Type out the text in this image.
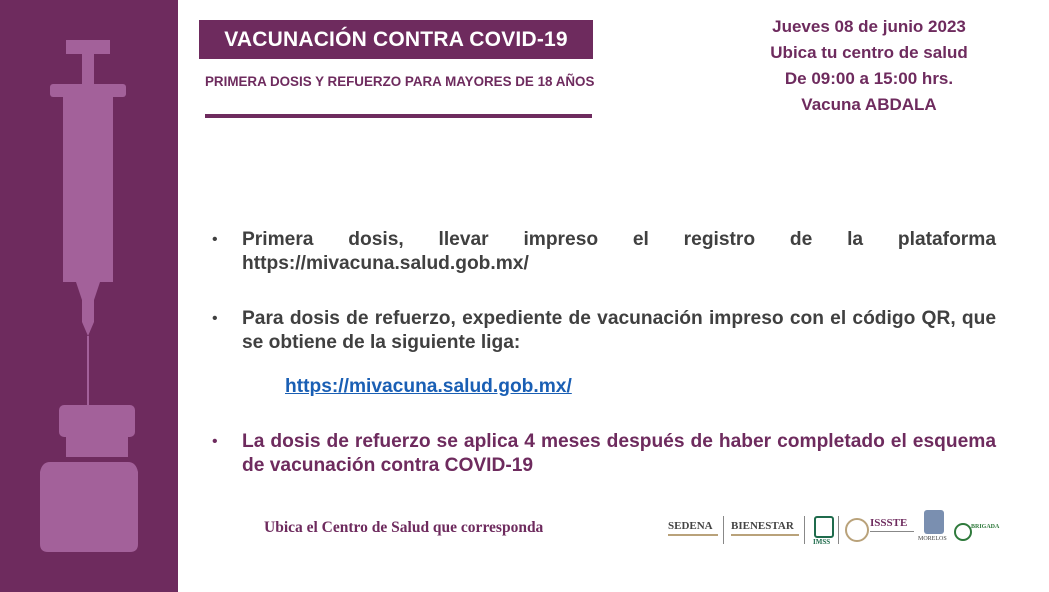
VACUNACIÓN CONTRA COVID-19
PRIMERA DOSIS Y REFUERZO PARA MAYORES DE 18 AÑOS
Jueves 08 de junio 2023
Ubica tu centro de salud
De 09:00 a 15:00 hrs.
Vacuna ABDALA
• Primera dosis, llevar impreso el registro de la plataforma https://mivacuna.salud.gob.mx/
• Para dosis de refuerzo, expediente de vacunación impreso con el código QR, que se obtiene de la siguiente liga:
https://mivacuna.salud.gob.mx/
• La dosis de refuerzo se aplica 4 meses después de haber completado el esquema de vacunación contra COVID-19
Ubica el Centro de Salud que corresponda	SEDENA BIENESTAR
IMSS
ISSSTE
MORELOS
BRIGADA
